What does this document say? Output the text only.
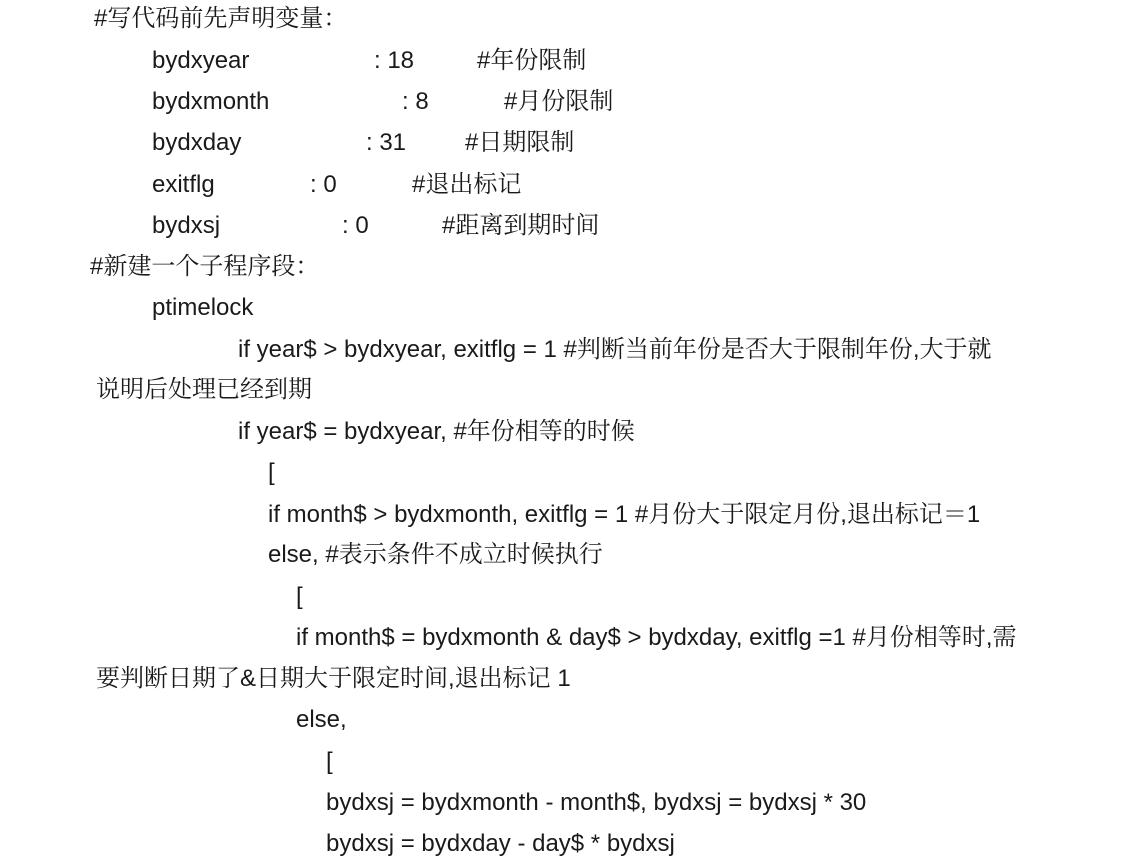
#写代码前先声明变量：
bydxyear	: 18	#年份限制
bydxmonth	: 8	#月份限制
bydxday	: 31 #日期限制
exitflg	: 0	#退出标记
bydxsj	: 0	#距离到期时间
#新建一个子程序段：
ptimelock
if year$ > bydxyear, exitflg = 1 #判断当前年份是否大于限制年份,大于就
说明后处理已经到期
if year$ = bydxyear, #年份相等的时候
[
if month$ > bydxmonth, exitflg = 1 #月份大于限定月份,退出标记＝1
else, #表示条件不成立时候执行
[
if month$ = bydxmonth & day$ > bydxday, exitflg =1 #月份相等时,需
要判断日期了&日期大于限定时间,退出标记 1
else,
[
bydxsj = bydxmonth - month$, bydxsj = bydxsj * 30
bydxsj = bydxday - day$ * bydxsj
